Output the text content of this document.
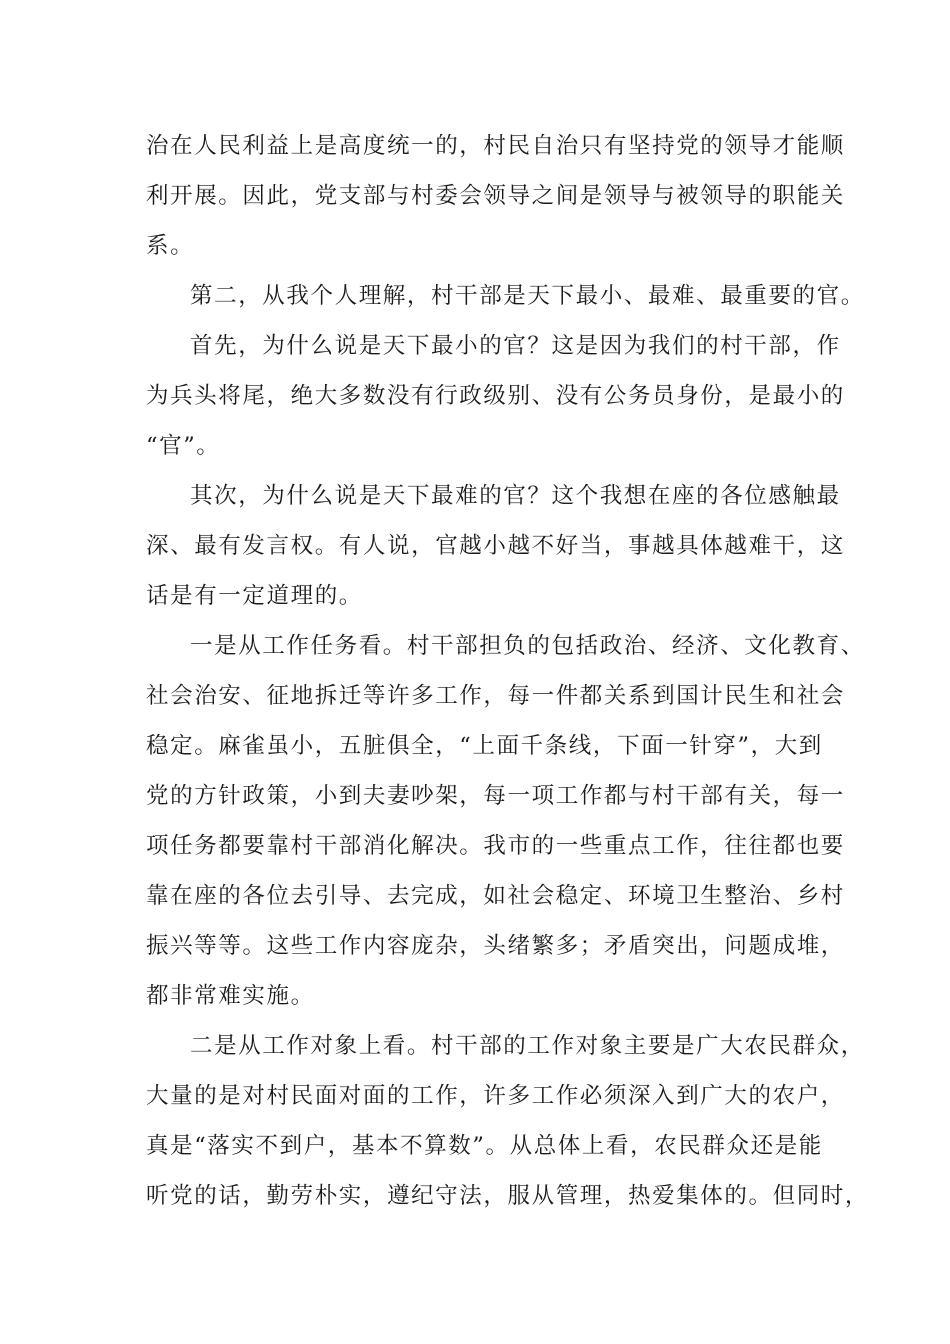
治在人民利益上是高度统一的，村民自治只有坚持党的领导才能顺
利开展。因此，党支部与村委会领导之间是领导与被领导的职能关
系。
第二，从我个人理解，村干部是天下最小、最难、最重要的官。
首先，为什么说是天下最小的官？这是因为我们的村干部，作
为兵头将尾，绝大多数没有行政级别、没有公务员身份，是最小的
“官”。
其次，为什么说是天下最难的官？这个我想在座的各位感触最
深、最有发言权。有人说，官越小越不好当，事越具体越难干，这
话是有一定道理的。
一是从工作任务看。村干部担负的包括政治、经济、文化教育、
社会治安、征地拆迁等许多工作，每一件都关系到国计民生和社会
稳定。麻雀虽小，五脏俱全，“上面千条线，下面一针穿”，大到
党的方针政策，小到夫妻吵架，每一项工作都与村干部有关，每一
项任务都要靠村干部消化解决。我市的一些重点工作，往往都也要
靠在座的各位去引导、去完成，如社会稳定、环境卫生整治、乡村
振兴等等。这些工作内容庞杂，头绪繁多；矛盾突出，问题成堆，
都非常难实施。
二是从工作对象上看。村干部的工作对象主要是广大农民群众，
大量的是对村民面对面的工作，许多工作必须深入到广大的农户，
真是“落实不到户，基本不算数”。从总体上看，农民群众还是能
听党的话，勤劳朴实，遵纪守法，服从管理，热爱集体的。但同时，
